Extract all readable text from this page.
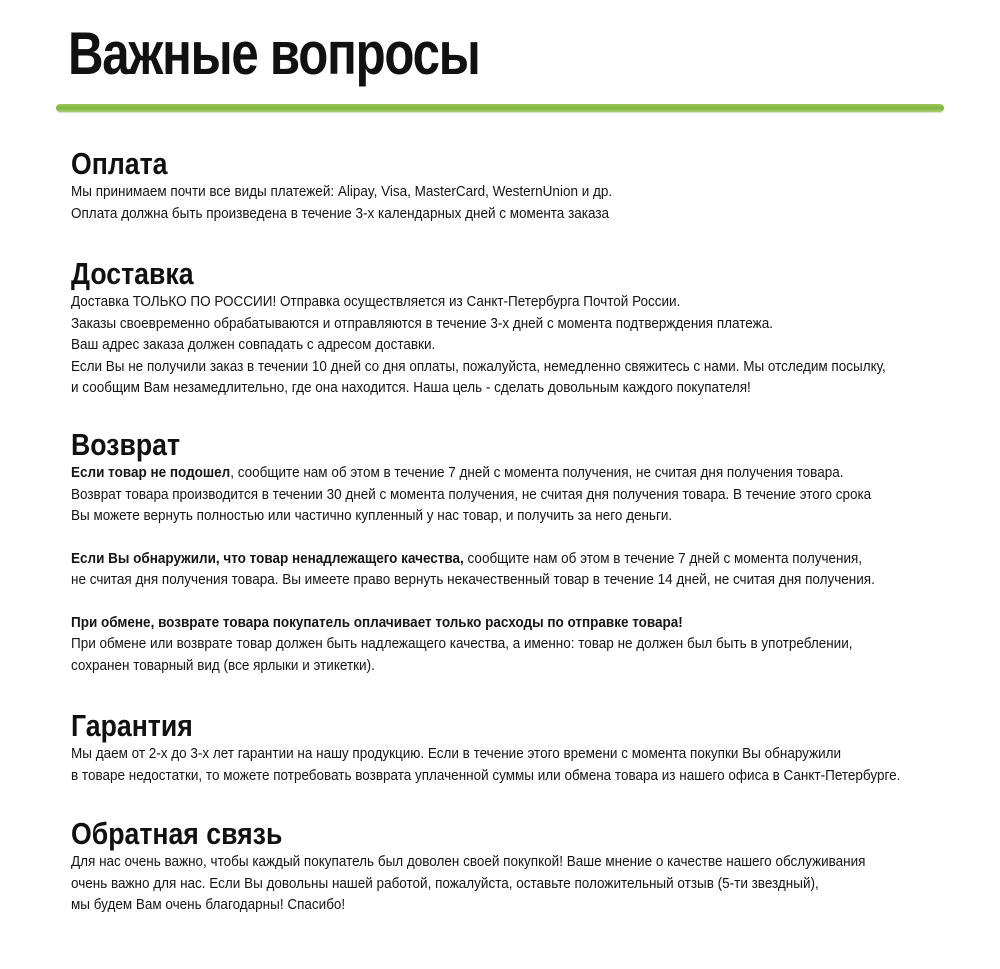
Важные вопросы
Оплата
Мы принимаем почти все виды платежей: Alipay, Visa, MasterCard, WesternUnion и др.
Оплата должна быть произведена в течение 3-х календарных дней с момента заказа
Доставка
Доставка ТОЛЬКО ПО РОССИИ! Отправка осуществляется из Санкт-Петербурга Почтой России.
Заказы своевременно обрабатываются и отправляются в течение 3-х дней с момента подтверждения платежа.
Ваш адрес заказа должен совпадать с адресом доставки.
Если Вы не получили заказ в течении 10 дней со дня оплаты, пожалуйста, немедленно свяжитесь с нами. Мы отследим посылку,
и сообщим Вам незамедлительно, где она находится. Наша цель - сделать довольным каждого покупателя!
Возврат
Если товар не подошел, сообщите нам об этом в течение 7 дней с момента получения, не считая дня получения товара.
Возврат товара производится в течении 30 дней с момента получения, не считая дня получения товара. В течение этого срока
Вы можете вернуть полностью или частично купленный у нас товар, и получить за него деньги.
Если Вы обнаружили, что товар ненадлежащего качества, сообщите нам об этом в течение 7 дней с момента получения,
не считая дня получения товара. Вы имеете право вернуть некачественный товар в течение 14 дней, не считая дня получения.
При обмене, возврате товара покупатель оплачивает только расходы по отправке товара!
При обмене или возврате товар должен быть надлежащего качества, а именно: товар не должен был быть в употреблении,
сохранен товарный вид (все ярлыки и этикетки).
Гарантия
Мы даем от 2-х до 3-х лет гарантии на нашу продукцию. Если в течение этого времени с момента покупки Вы обнаружили
в товаре недостатки, то можете потребовать возврата уплаченной суммы или обмена товара из нашего офиса в Санкт-Петербурге.
Обратная связь
Для нас очень важно, чтобы каждый покупатель был доволен своей покупкой! Ваше мнение о качестве нашего обслуживания
очень важно для нас. Если Вы довольны нашей работой, пожалуйста, оставьте положительный отзыв (5-ти звездный),
мы будем Вам очень благодарны! Спасибо!
